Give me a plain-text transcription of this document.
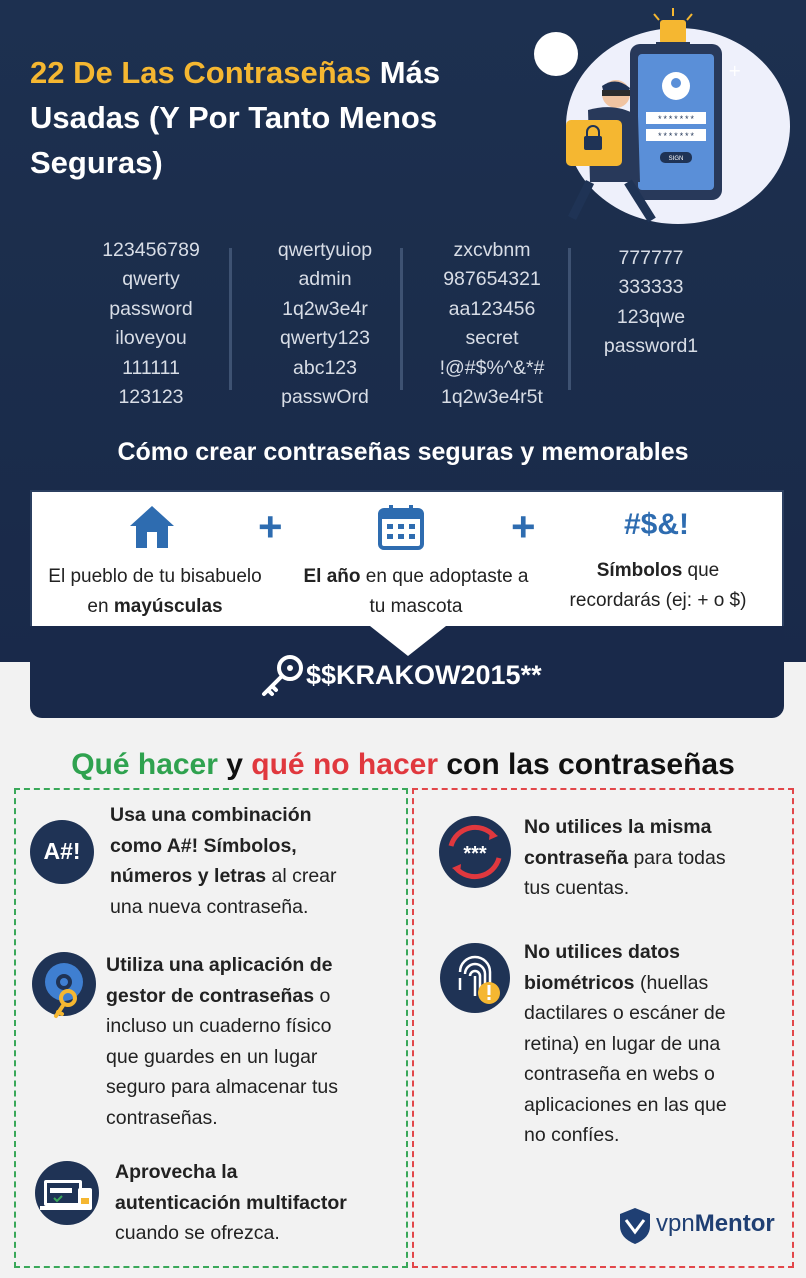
22 De Las Contraseñas Más Usadas (Y Por Tanto Menos Seguras)
*******
*******
SIGN
+
123456789
qwerty
password
iloveyou
111111
123123
qwertyuiop
admin
1q2w3e4r
qwerty123
abc123
passwOrd
zxcvbnm
987654321
aa123456
secret
!@#$%^&*#
1q2w3e4r5t
777777
333333
123qwe
password1
Cómo crear contraseñas seguras y memorables
+	+	#$&!
El pueblo de tu bisabuelo
en mayúsculas
El año en que adoptaste a
tu mascota
Símbolos que
recordarás (ej: + o $)
$$KRAKOW2015**
Qué hacer y qué no hacer con las contraseñas
A#!
Usa una combinación
como A#! Símbolos,
números y letras al crear
una nueva contraseña.
Utiliza una aplicación de
gestor de contraseñas o
incluso un cuaderno físico
que guardes en un lugar
seguro para almacenar tus
contraseñas.
Aprovecha la
autenticación multifactor
cuando se ofrezca.
***
No utilices la misma
contraseña para todas
tus cuentas.
No utilices datos
biométricos (huellas
dactilares o escáner de
retina) en lugar de una
contraseña en webs o
aplicaciones en las que
no confíes.
vpnMentor
